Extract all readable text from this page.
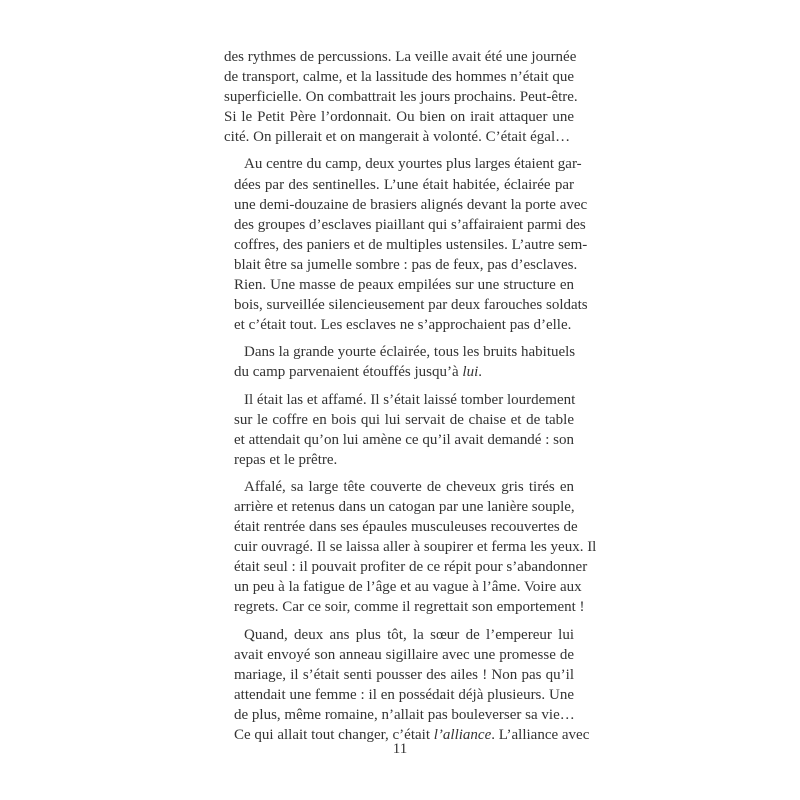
des rythmes de percussions. La veille avait été une journée
de transport, calme, et la lassitude des hommes n’était que
superficielle. On combattrait les jours prochains. Peut-être.
Si le Petit Père l’ordonnait. Ou bien on irait attaquer une
cité. On pillerait et on mangerait à volonté. C’était égal…
Au centre du camp, deux yourtes plus larges étaient gar-
dées par des sentinelles. L’une était habitée, éclairée par
une demi-douzaine de brasiers alignés devant la porte avec
des groupes d’esclaves piaillant qui s’affairaient parmi des
coffres, des paniers et de multiples ustensiles. L’autre sem-
blait être sa jumelle sombre : pas de feux, pas d’esclaves.
Rien. Une masse de peaux empilées sur une structure en
bois, surveillée silencieusement par deux farouches soldats
et c’était tout. Les esclaves ne s’approchaient pas d’elle.
Dans la grande yourte éclairée, tous les bruits habituels
du camp parvenaient étouffés jusqu’à lui.
Il était las et affamé. Il s’était laissé tomber lourdement
sur le coffre en bois qui lui servait de chaise et de table
et attendait qu’on lui amène ce qu’il avait demandé : son
repas et le prêtre.
Affalé, sa large tête couverte de cheveux gris tirés en
arrière et retenus dans un catogan par une lanière souple,
était rentrée dans ses épaules musculeuses recouvertes de
cuir ouvragé. Il se laissa aller à soupirer et ferma les yeux. Il
était seul : il pouvait profiter de ce répit pour s’abandonner
un peu à la fatigue de l’âge et au vague à l’âme. Voire aux
regrets. Car ce soir, comme il regrettait son emportement !
Quand, deux ans plus tôt, la sœur de l’empereur lui
avait envoyé son anneau sigillaire avec une promesse de
mariage, il s’était senti pousser des ailes ! Non pas qu’il
attendait une femme : il en possédait déjà plusieurs. Une
de plus, même romaine, n’allait pas bouleverser sa vie…
Ce qui allait tout changer, c’était l’alliance. L’alliance avec
11
